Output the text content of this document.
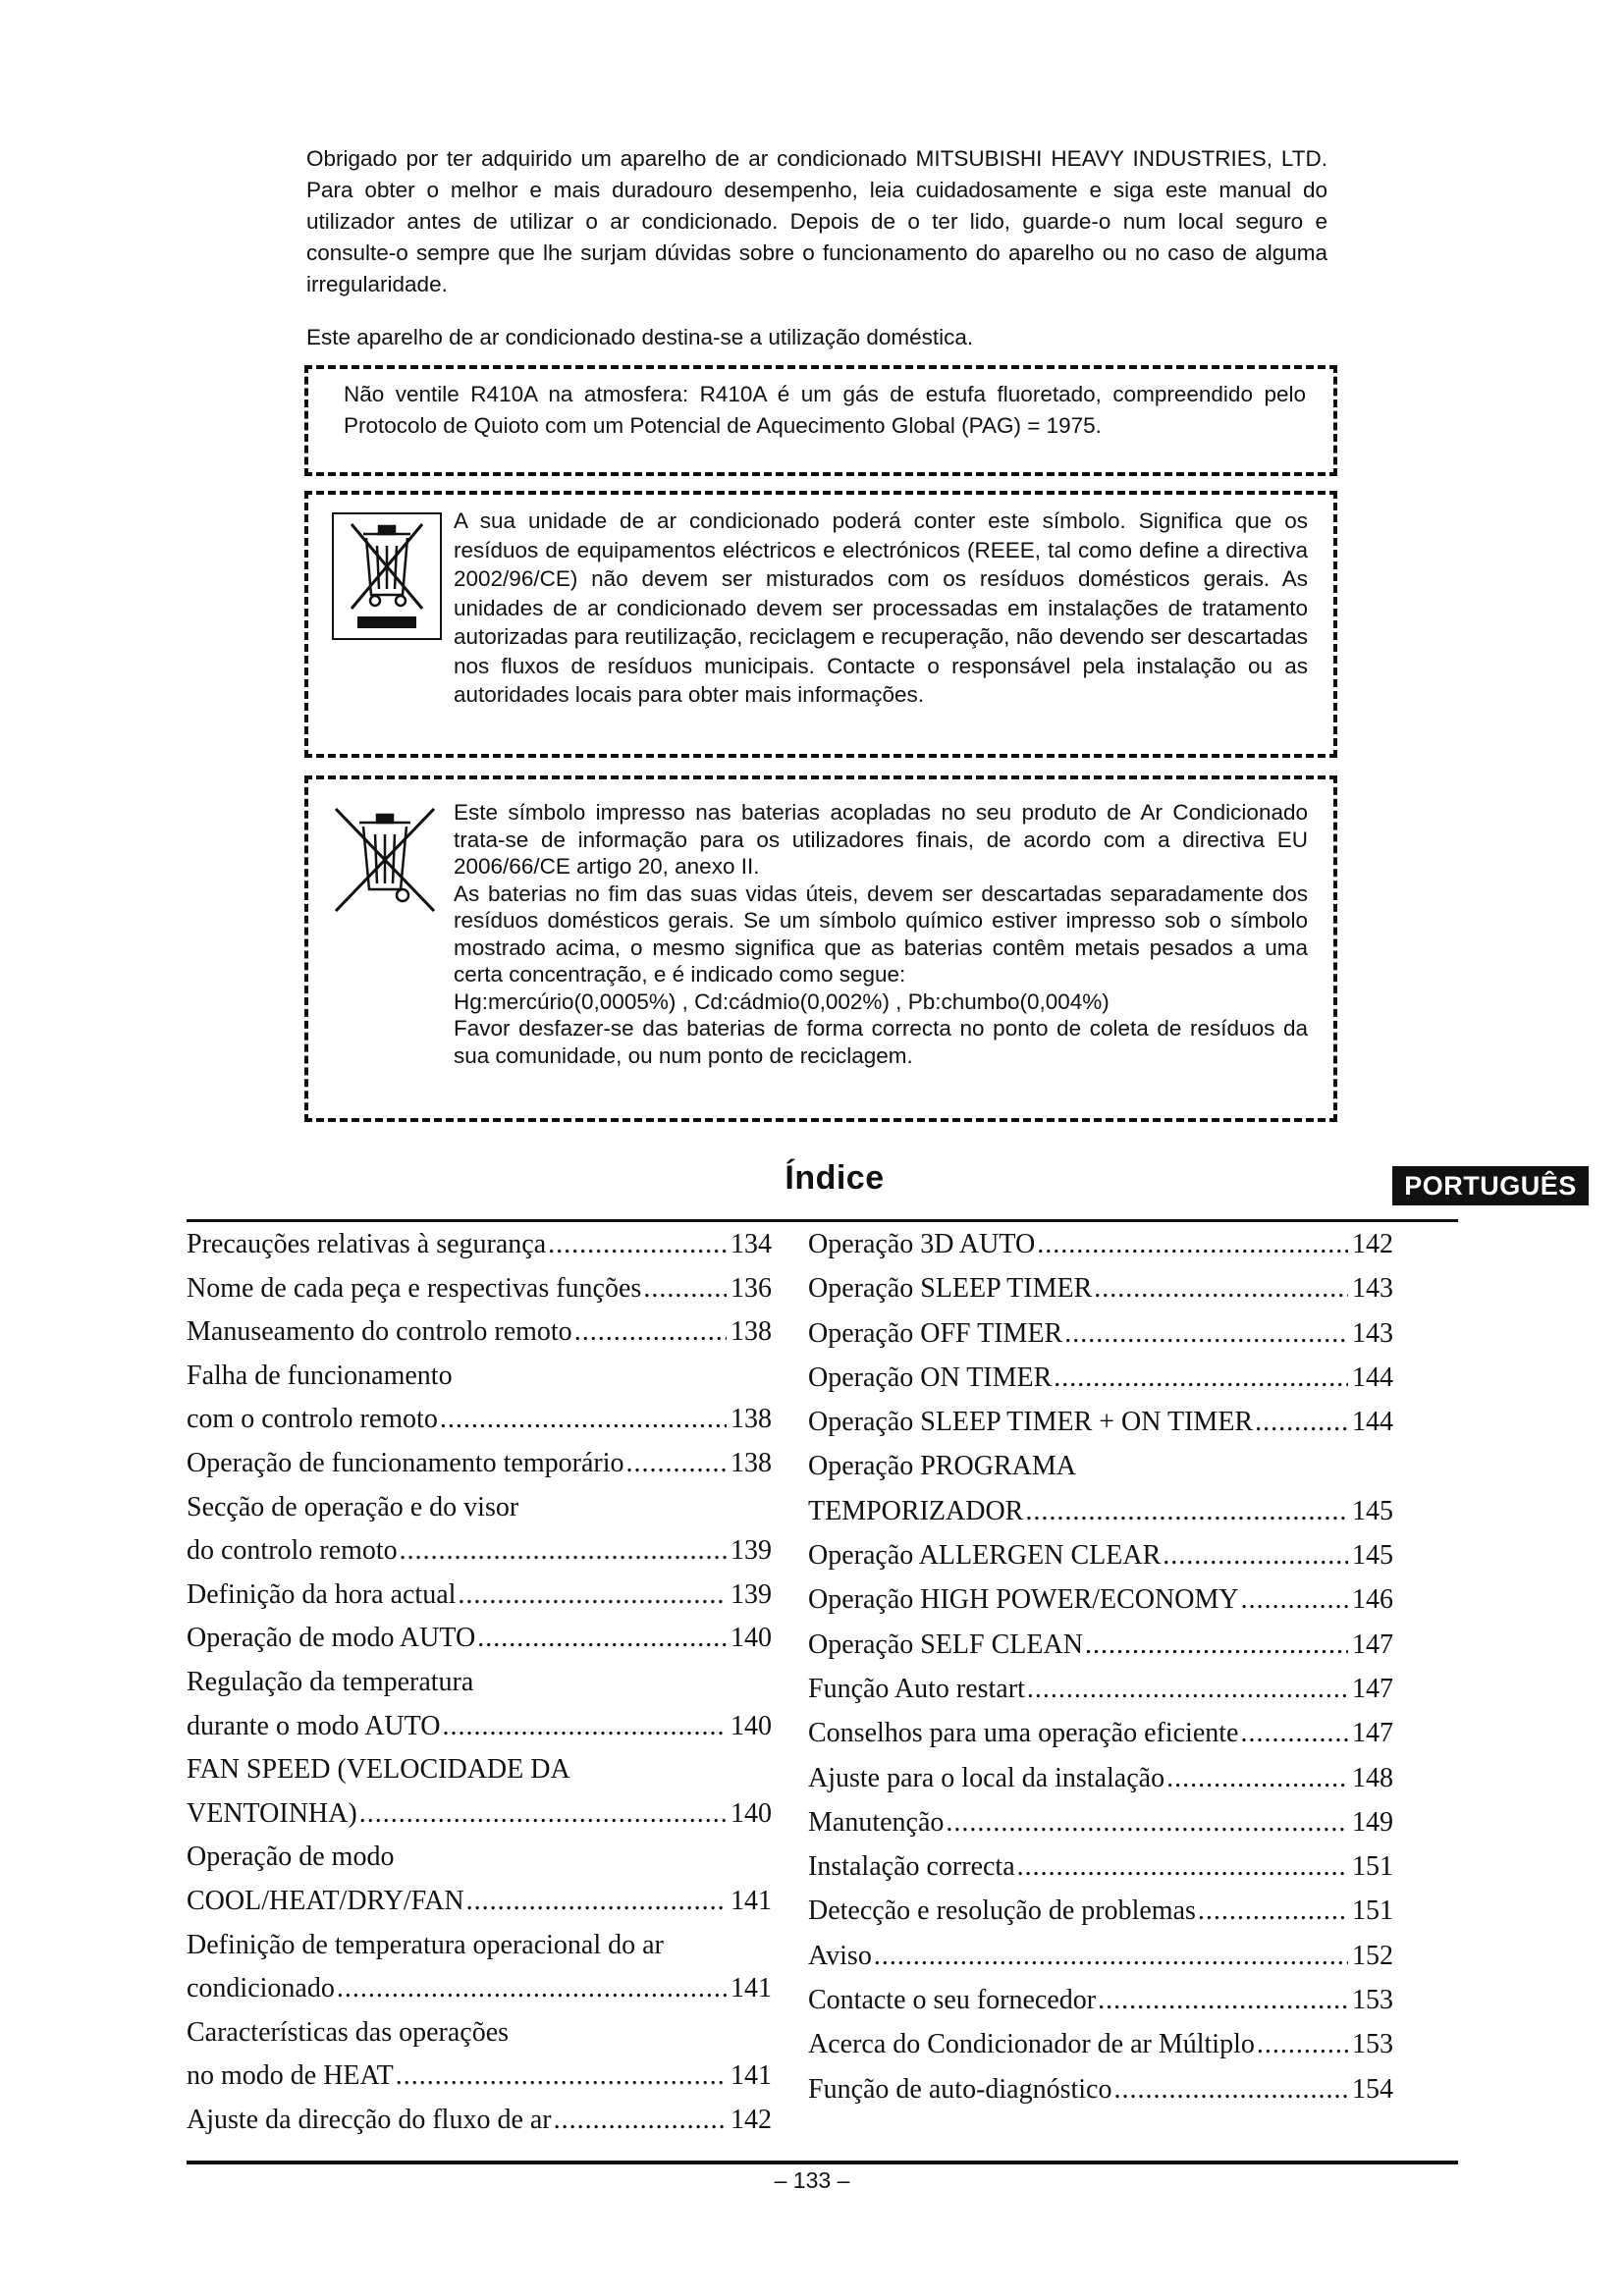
Obrigado por ter adquirido um aparelho de ar condicionado MITSUBISHI HEAVY INDUSTRIES, LTD. Para obter o melhor e mais duradouro desempenho, leia cuidadosamente e siga este manual do utilizador antes de utilizar o ar condicionado. Depois de o ter lido, guarde-o num local seguro e consulte-o sempre que lhe surjam dúvidas sobre o funcionamento do aparelho ou no caso de alguma irregularidade.

Este aparelho de ar condicionado destina-se a utilização doméstica.
Não ventile R410A na atmosfera: R410A é um gás de estufa fluoretado, compreendido pelo Protocolo de Quioto com um Potencial de Aquecimento Global (PAG) = 1975.
A sua unidade de ar condicionado poderá conter este símbolo. Significa que os resíduos de equipamentos eléctricos e electrónicos (REEE, tal como define a directiva 2002/96/CE) não devem ser misturados com os resíduos domésticos gerais. As unidades de ar condicionado devem ser processadas em instalações de tratamento autorizadas para reutilização, reciclagem e recuperação, não devendo ser descartadas nos fluxos de resíduos municipais. Contacte o responsável pela instalação ou as autoridades locais para obter mais informações.

Este símbolo impresso nas baterias acopladas no seu produto de Ar Condicionado trata-se de informação para os utilizadores finais, de acordo com a directiva EU 2006/66/CE artigo 20, anexo II.

As baterias no fim das suas vidas úteis, devem ser descartadas separadamente dos resíduos domésticos gerais. Se um símbolo químico estiver impresso sob o símbolo mostrado acima, o mesmo significa que as baterias contêm metais pesados a uma certa concentração, e é indicado como segue:

Hg:mercúrio(0,0005%) , Cd:cádmio(0,002%) , Pb:chumbo(0,004%)

Favor desfazer-se das baterias de forma correcta no ponto de coleta de resíduos da sua comunidade, ou num ponto de reciclagem.

Índice	PORTUGUÊS
Precauções relativas à segurança .....	134
Nome de cada peça e respectivas funções .....	136
Manuseamento do controlo remoto .....	138
Falha de funcionamento
com o controlo remoto .....	138
Operação de funcionamento temporário .....	138
Secção de operação e do visor
do controlo remoto .....	139
Definição da hora actual .....	139
Operação de modo AUTO .....	140
Regulação da temperatura
durante o modo AUTO .....	140
FAN SPEED (VELOCIDADE DA
VENTOINHA) .....	140
Operação de modo
COOL/HEAT/DRY/FAN .....	141
Definição de temperatura operacional do ar
condicionado .....	141
Características das operações
no modo de HEAT .....	141
Ajuste da direcção do fluxo de ar .....	142
Operação 3D AUTO .....	142
Operação SLEEP TIMER .....	143
Operação OFF TIMER .....	143
Operação ON TIMER .....	144
Operação SLEEP TIMER + ON TIMER .....	144
Operação PROGRAMA
TEMPORIZADOR .....	145
Operação ALLERGEN CLEAR .....	145
Operação HIGH POWER/ECONOMY .....	146
Operação SELF CLEAN .....	147
Função Auto restart .....	147
Conselhos para uma operação eficiente .....	147
Ajuste para o local da instalação .....	148
Manutenção .....	149
Instalação correcta .....	151
Detecção e resolução de problemas .....	151
Aviso .....	152
Contacte o seu fornecedor .....	153
Acerca do Condicionador de ar Múltiplo .....	153
Função de auto-diagnóstico .....	154
– 133 –
